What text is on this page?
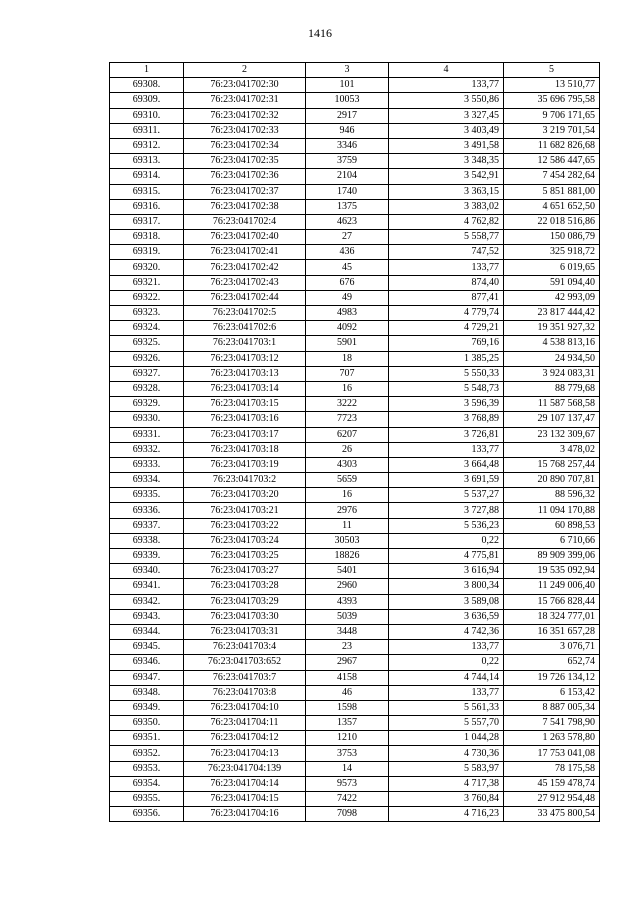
1416
1	2	3	4	5
69308.	76:23:041702:30	101	133,77	13 510,77
69309.	76:23:041702:31	10053	3 550,86	35 696 795,58
69310.	76:23:041702:32	2917	3 327,45	9 706 171,65
69311.	76:23:041702:33	946	3 403,49	3 219 701,54
69312.	76:23:041702:34	3346	3 491,58	11 682 826,68
69313.	76:23:041702:35	3759	3 348,35	12 586 447,65
69314.	76:23:041702:36	2104	3 542,91	7 454 282,64
69315.	76:23:041702:37	1740	3 363,15	5 851 881,00
69316.	76:23:041702:38	1375	3 383,02	4 651 652,50
69317.	76:23:041702:4	4623	4 762,82	22 018 516,86
69318.	76:23:041702:40	27	5 558,77	150 086,79
69319.	76:23:041702:41	436	747,52	325 918,72
69320.	76:23:041702:42	45	133,77	6 019,65
69321.	76:23:041702:43	676	874,40	591 094,40
69322.	76:23:041702:44	49	877,41	42 993,09
69323.	76:23:041702:5	4983	4 779,74	23 817 444,42
69324.	76:23:041702:6	4092	4 729,21	19 351 927,32
69325.	76:23:041703:1	5901	769,16	4 538 813,16
69326.	76:23:041703:12	18	1 385,25	24 934,50
69327.	76:23:041703:13	707	5 550,33	3 924 083,31
69328.	76:23:041703:14	16	5 548,73	88 779,68
69329.	76:23:041703:15	3222	3 596,39	11 587 568,58
69330.	76:23:041703:16	7723	3 768,89	29 107 137,47
69331.	76:23:041703:17	6207	3 726,81	23 132 309,67
69332.	76:23:041703:18	26	133,77	3 478,02
69333.	76:23:041703:19	4303	3 664,48	15 768 257,44
69334.	76:23:041703:2	5659	3 691,59	20 890 707,81
69335.	76:23:041703:20	16	5 537,27	88 596,32
69336.	76:23:041703:21	2976	3 727,88	11 094 170,88
69337.	76:23:041703:22	11	5 536,23	60 898,53
69338.	76:23:041703:24	30503	0,22	6 710,66
69339.	76:23:041703:25	18826	4 775,81	89 909 399,06
69340.	76:23:041703:27	5401	3 616,94	19 535 092,94
69341.	76:23:041703:28	2960	3 800,34	11 249 006,40
69342.	76:23:041703:29	4393	3 589,08	15 766 828,44
69343.	76:23:041703:30	5039	3 636,59	18 324 777,01
69344.	76:23:041703:31	3448	4 742,36	16 351 657,28
69345.	76:23:041703:4	23	133,77	3 076,71
69346.	76:23:041703:652	2967	0,22	652,74
69347.	76:23:041703:7	4158	4 744,14	19 726 134,12
69348.	76:23:041703:8	46	133,77	6 153,42
69349.	76:23:041704:10	1598	5 561,33	8 887 005,34
69350.	76:23:041704:11	1357	5 557,70	7 541 798,90
69351.	76:23:041704:12	1210	1 044,28	1 263 578,80
69352.	76:23:041704:13	3753	4 730,36	17 753 041,08
69353.	76:23:041704:139	14	5 583,97	78 175,58
69354.	76:23:041704:14	9573	4 717,38	45 159 478,74
69355.	76:23:041704:15	7422	3 760,84	27 912 954,48
69356.	76:23:041704:16	7098	4 716,23	33 475 800,54
